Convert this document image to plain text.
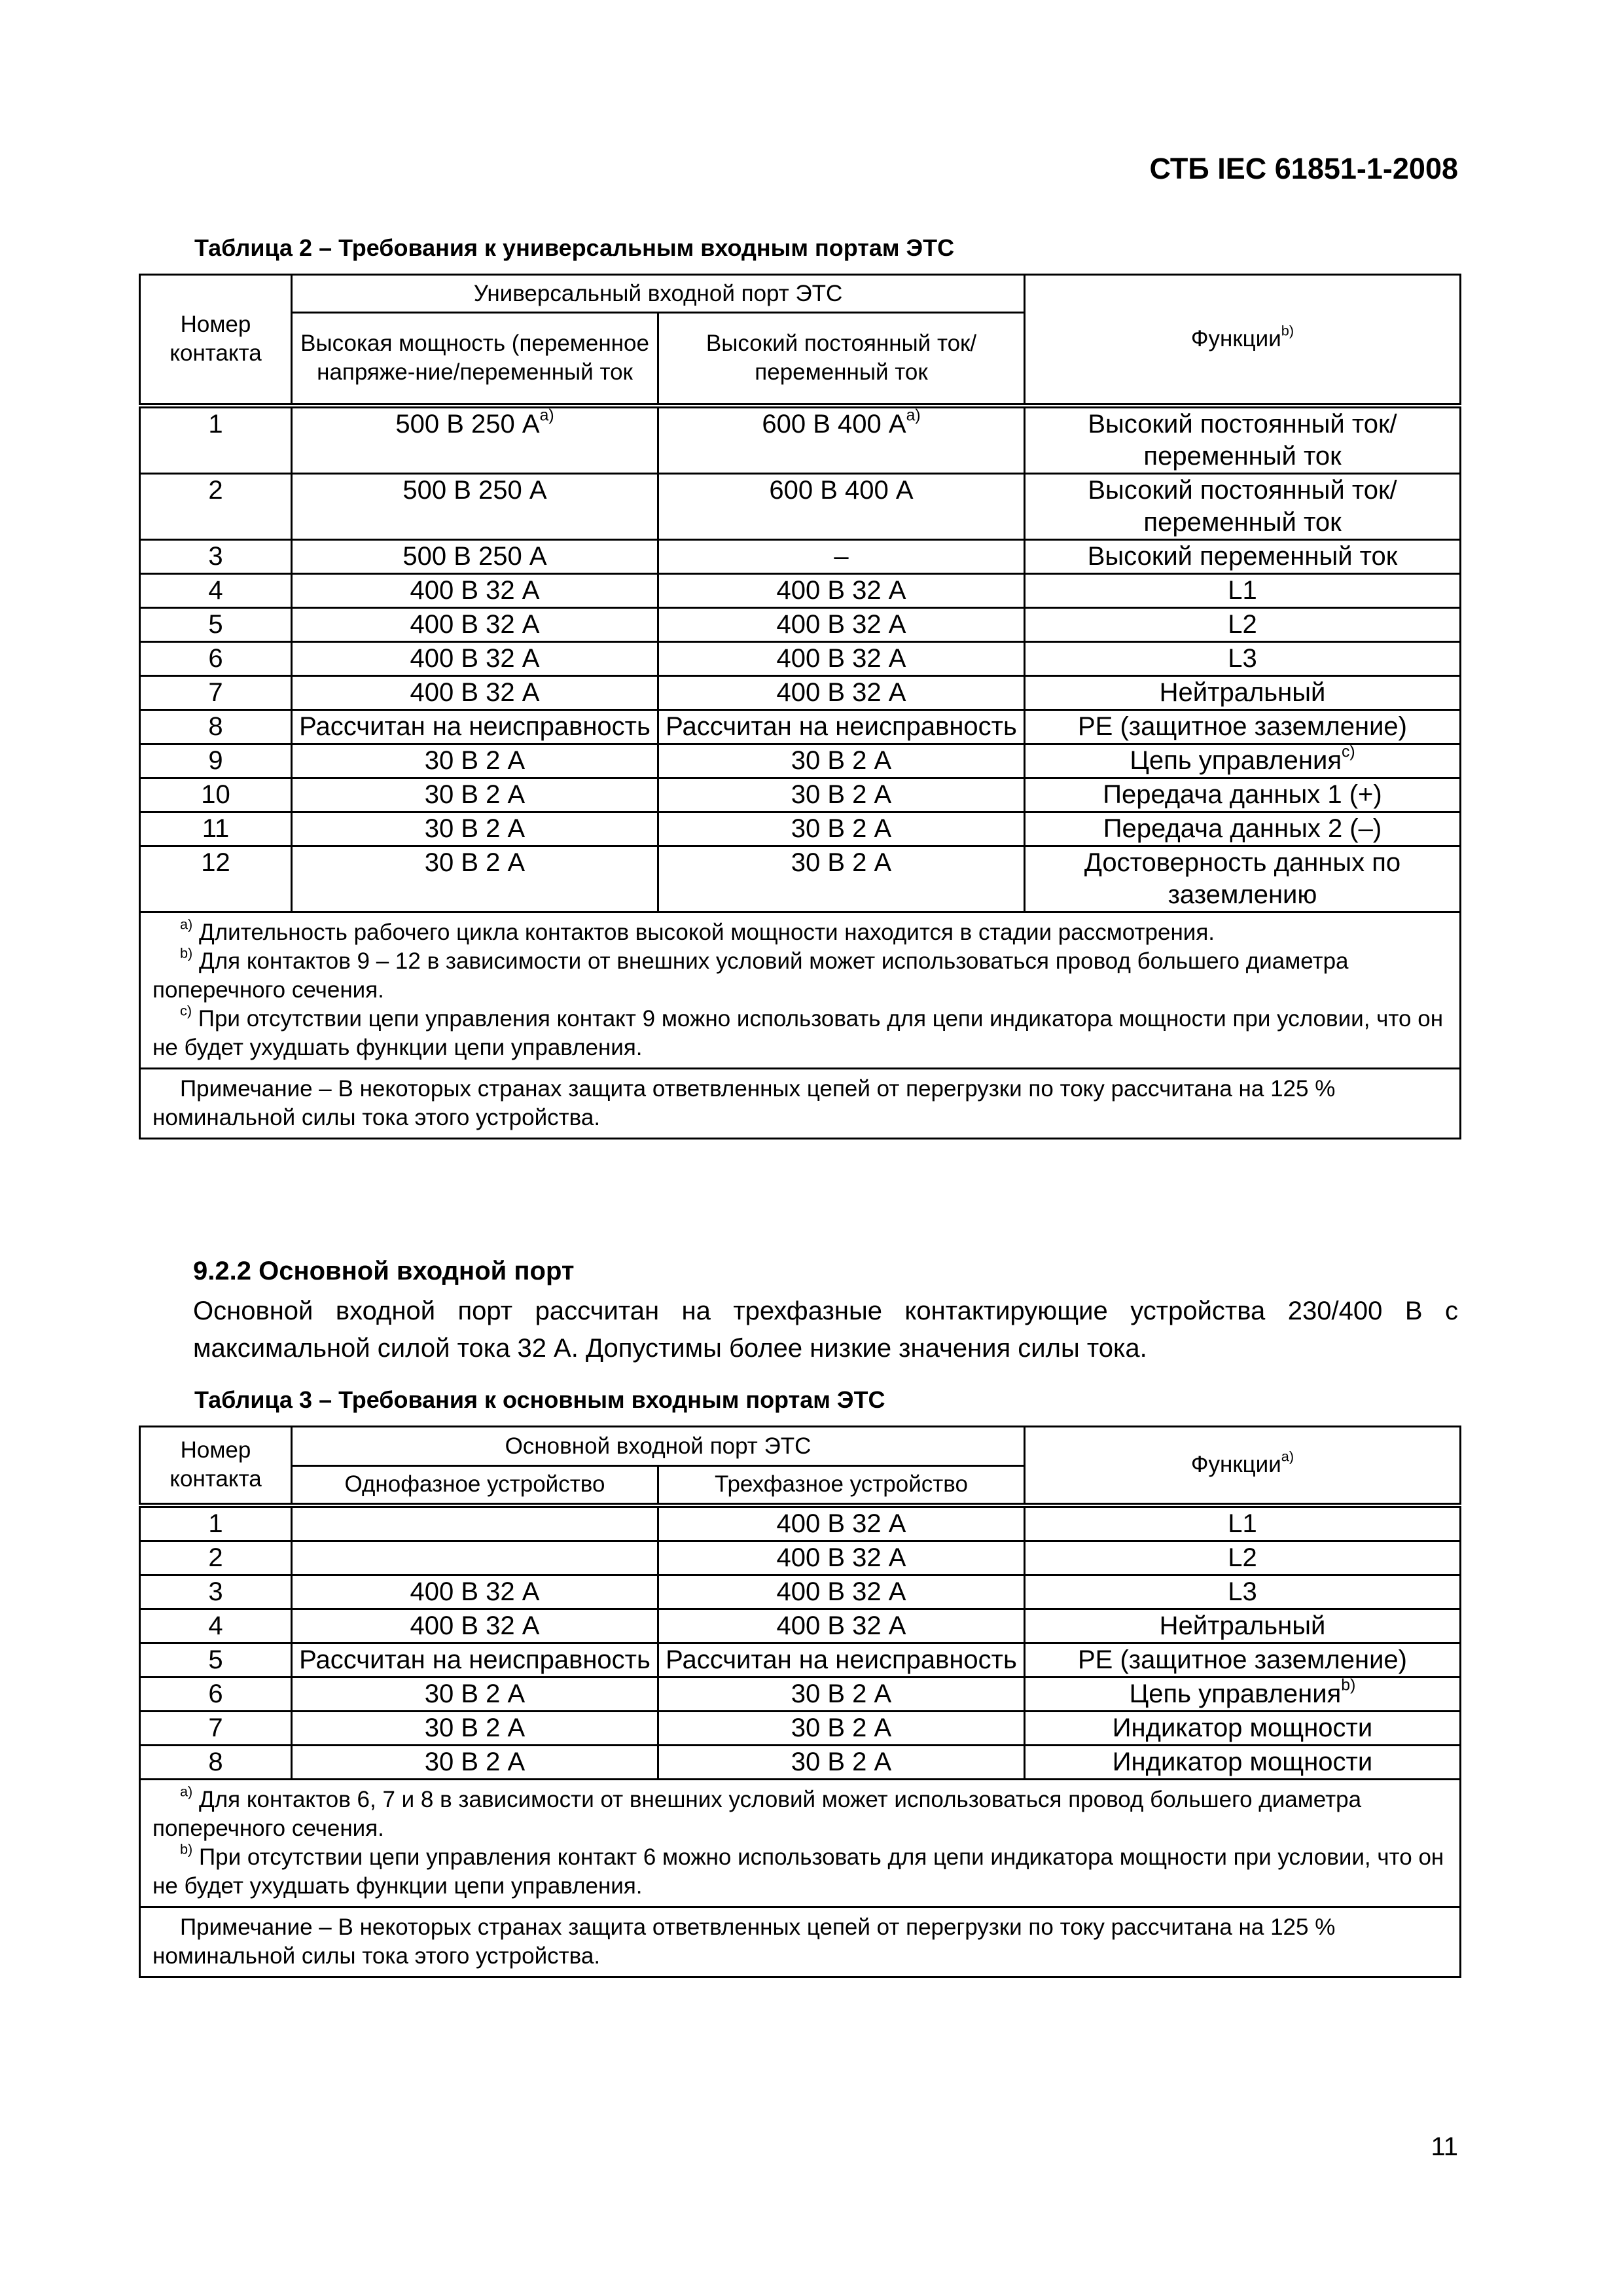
СТБ IEC 61851-1-2008
Таблица 2 – Требования к универсальным входным портам ЭТС
Номер контакта	Универсальный входной порт ЭТС		Функции$^{b)}$
	Высокая мощность (переменное напряже-ние/переменный ток	Высокий постоянный ток/переменный ток	
1	500 В 250 $А^{a)}$	600 В 400 $А^{a)}$	Высокий постоянный ток/переменный ток
2	500 В 250 А	600 В 400 А	Высокий постоянный ток/переменный ток
3	500 В 250 А	–	Высокий переменный ток
4	400 В 32 А	400 В 32 А	L1
5	400 В 32 А	400 В 32 А	L2
6	400 В 32 А	400 В 32 А	L3
7	400 В 32 А	400 В 32 А	Нейтральный
8	Рассчитан на неисправность	Рассчитан на неисправность	PE (защитное заземление)
9	30 В 2 А	30 В 2 А	Цепь управления$^{c)}$
10	30 В 2 А	30 В 2 А	Передача данных 1 (+)
11	30 В 2 А	30 В 2 А	Передача данных 2 (–)
12	30 В 2 А	30 В 2 А	Достоверность данных по заземлению

$^{a)}$ Длительность рабочего цикла контактов высокой мощности находится в стадии рассмотрения.
$^{b)}$ Для контактов 9 – 12 в зависимости от внешних условий может использоваться провод большего диаметра поперечного сечения.
$^{c)}$ При отсутствии цепи управления контакт 9 можно использовать для цепи индикатора мощности при условии, что он не будет ухудшать функции цепи управления.			

Примечание – В некоторых странах защита ответвленных цепей от перегрузки по току рассчитана на 125 % номинальной силы тока этого устройства.			
9.2.2 Основной входной порт
Основной входной порт рассчитан на трехфазные контактирующие устройства 230/400 В с максимальной силой тока 32 А. Допустимы более низкие значения силы тока.
Таблица 3 – Требования к основным входным портам ЭТС
Номер контакта	Основной входной порт ЭТС		Функции$^{a)}$
	Однофазное устройство	Трехфазное устройство	
1		400 В 32 А	L1
2		400 В 32 А	L2
3	400 В 32 А	400 В 32 А	L3
4	400 В 32 А	400 В 32 А	Нейтральный
5	Рассчитан на неисправность	Рассчитан на неисправность	PE (защитное заземление)
6	30 В 2 А	30 В 2 А	Цепь управления$^{b)}$
7	30 В 2 А	30 В 2 А	Индикатор мощности
8	30 В 2 А	30 В 2 А	Индикатор мощности

$^{a)}$ Для контактов 6, 7 и 8 в зависимости от внешних условий может использоваться провод большего диаметра поперечного сечения.
$^{b)}$ При отсутствии цепи управления контакт 6 можно использовать для цепи индикатора мощности при условии, что он не будет ухудшать функции цепи управления.			

Примечание – В некоторых странах защита ответвленных цепей от перегрузки по току рассчитана на 125 % номинальной силы тока этого устройства.			
11
